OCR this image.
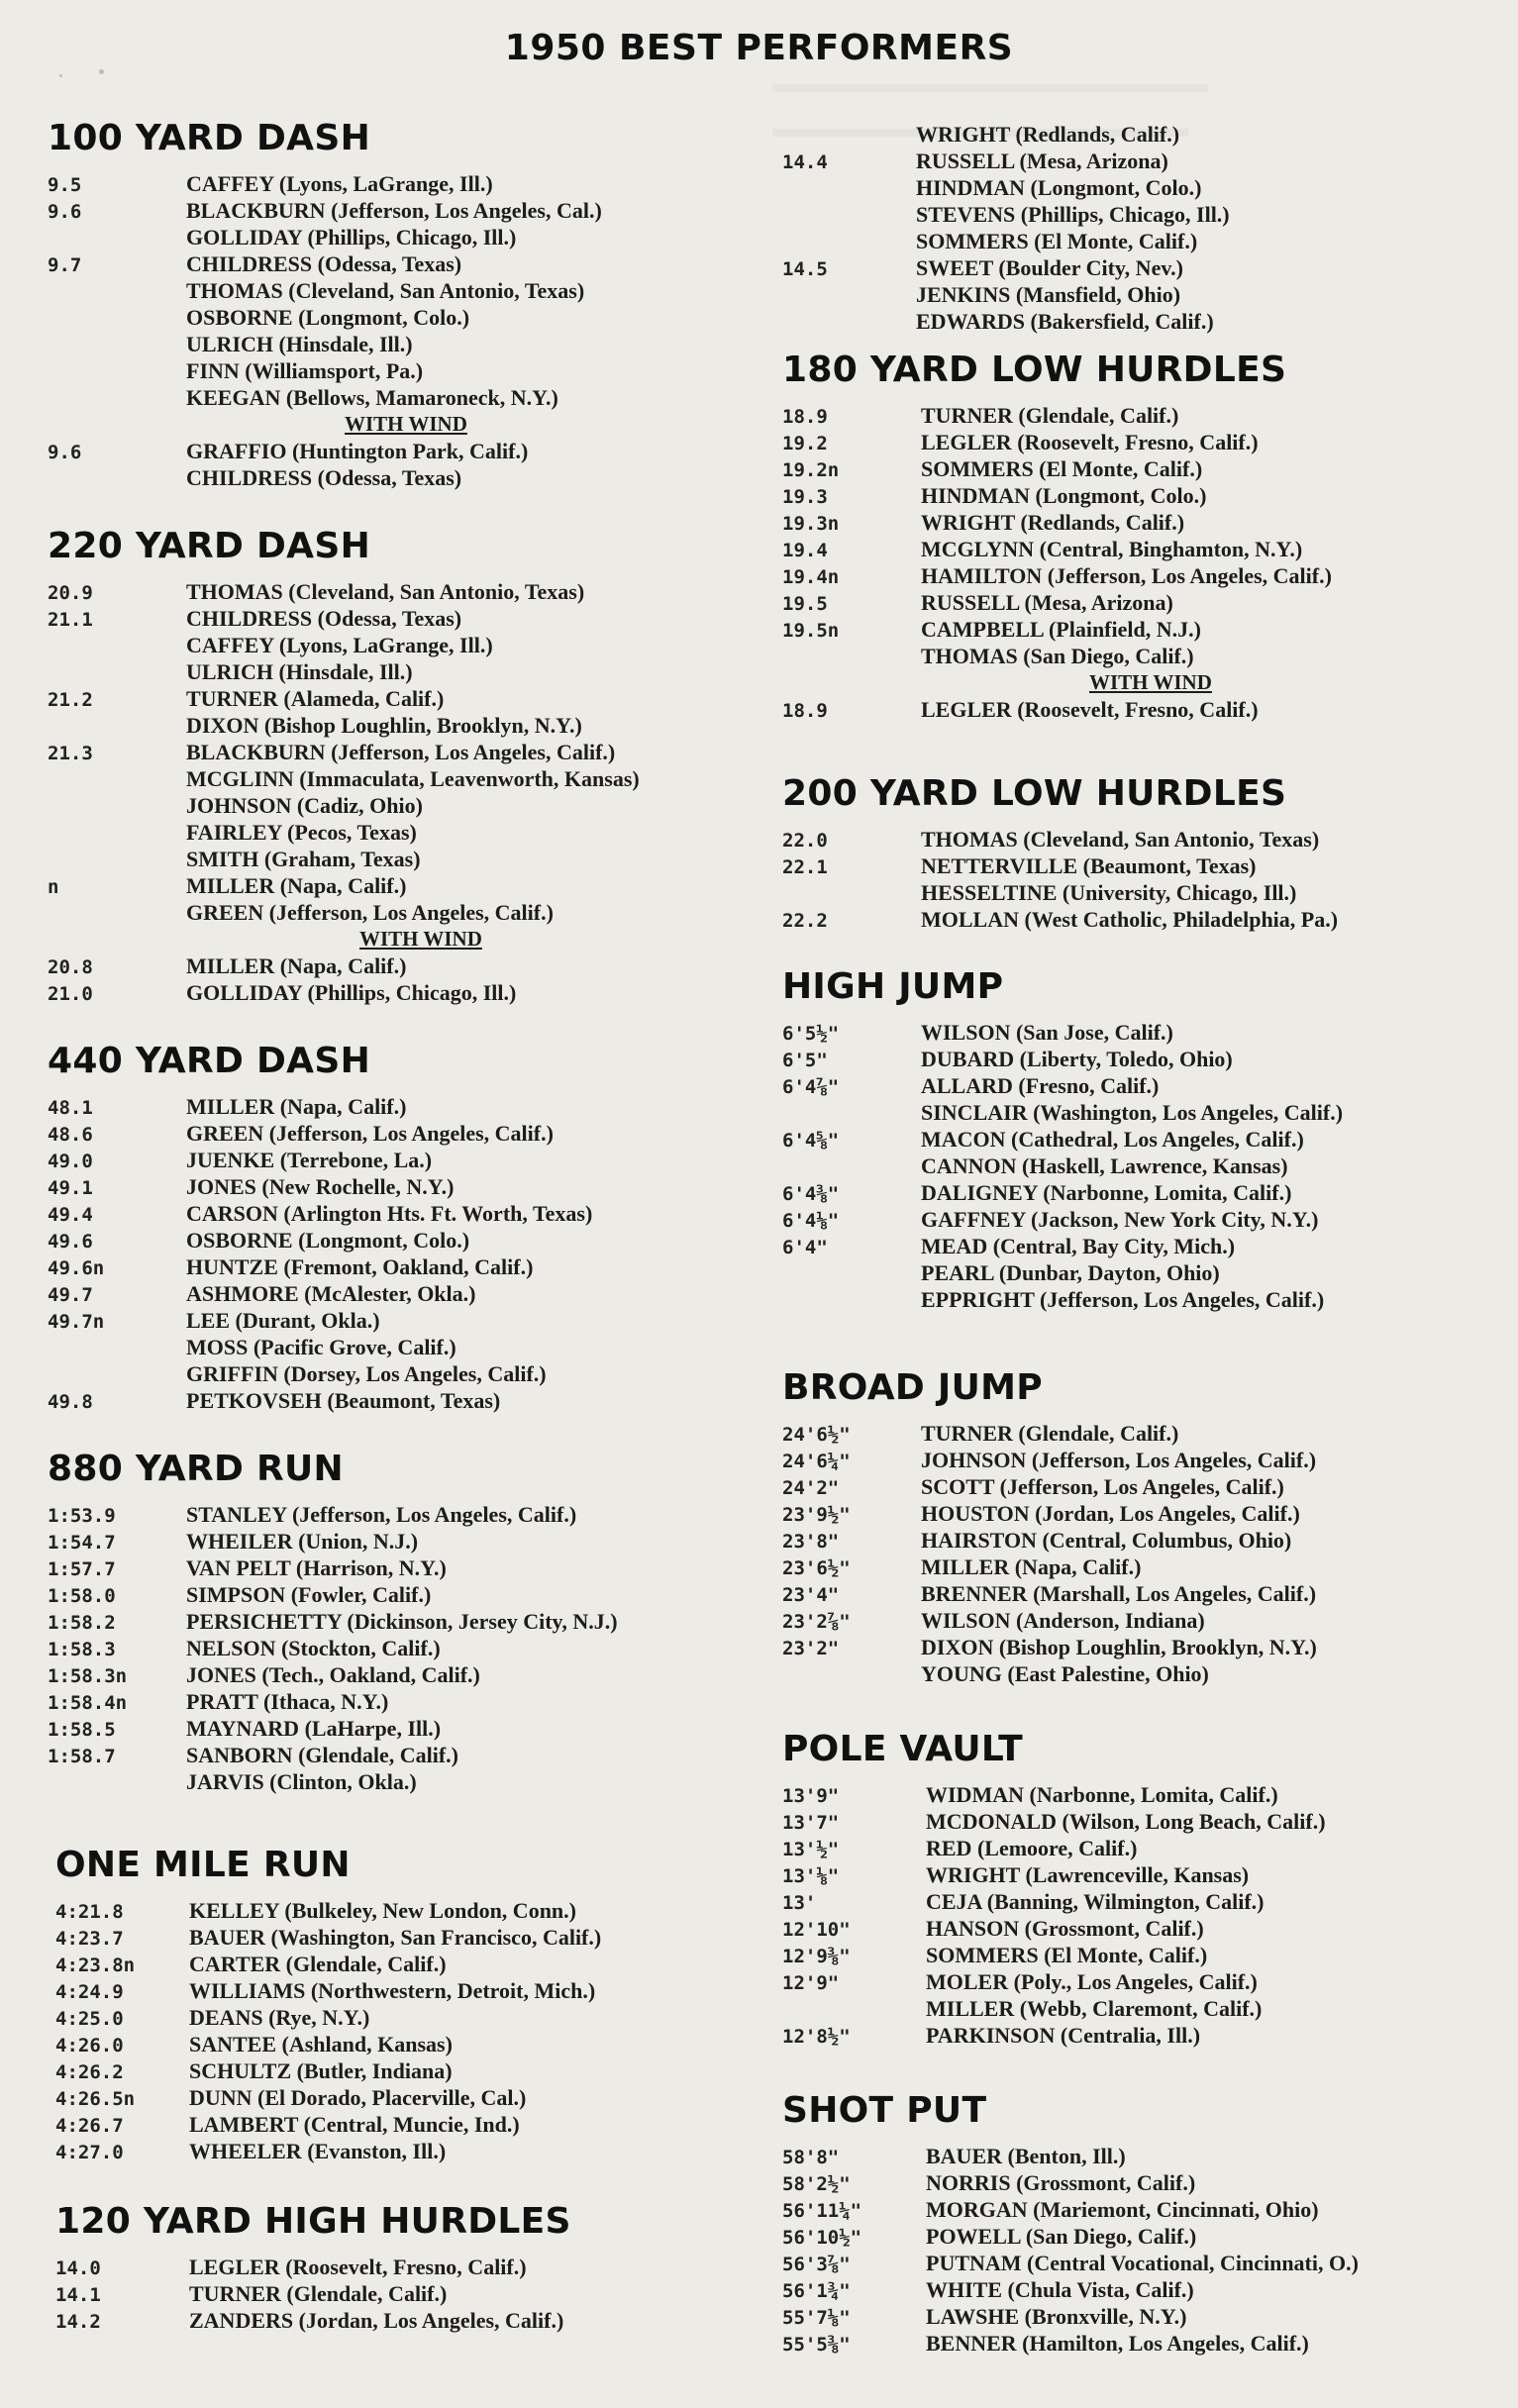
1950 BEST PERFORMERS
100 YARD DASH
9.5	CAFFEY (Lyons, LaGrange, Ill.)
9.6	BLACKBURN (Jefferson, Los Angeles, Cal.)
GOLLIDAY (Phillips, Chicago, Ill.)
9.7	CHILDRESS (Odessa, Texas)
THOMAS (Cleveland, San Antonio, Texas)
OSBORNE (Longmont, Colo.)
ULRICH (Hinsdale, Ill.)
FINN (Williamsport, Pa.)
KEEGAN (Bellows, Mamaroneck, N.Y.)
WITH WIND
9.6	GRAFFIO (Huntington Park, Calif.)
CHILDRESS (Odessa, Texas)
220 YARD DASH
20.9	THOMAS (Cleveland, San Antonio, Texas)
21.1	CHILDRESS (Odessa, Texas)
CAFFEY (Lyons, LaGrange, Ill.)
ULRICH (Hinsdale, Ill.)
21.2	TURNER (Alameda, Calif.)
DIXON (Bishop Loughlin, Brooklyn, N.Y.)
21.3	BLACKBURN (Jefferson, Los Angeles, Calif.)
MCGLINN (Immaculata, Leavenworth, Kansas)
JOHNSON (Cadiz, Ohio)
FAIRLEY (Pecos, Texas)
SMITH (Graham, Texas)
n	MILLER (Napa, Calif.)
GREEN (Jefferson, Los Angeles, Calif.)
WITH WIND
20.8	MILLER (Napa, Calif.)
21.0	GOLLIDAY (Phillips, Chicago, Ill.)
440 YARD DASH
48.1	MILLER (Napa, Calif.)
48.6	GREEN (Jefferson, Los Angeles, Calif.)
49.0	JUENKE (Terrebone, La.)
49.1	JONES (New Rochelle, N.Y.)
49.4	CARSON (Arlington Hts. Ft. Worth, Texas)
49.6	OSBORNE (Longmont, Colo.)
49.6n	HUNTZE (Fremont, Oakland, Calif.)
49.7	ASHMORE (McAlester, Okla.)
49.7n	LEE (Durant, Okla.)
MOSS (Pacific Grove, Calif.)
GRIFFIN (Dorsey, Los Angeles, Calif.)
49.8	PETKOVSEH (Beaumont, Texas)
880 YARD RUN
1:53.9	STANLEY (Jefferson, Los Angeles, Calif.)
1:54.7	WHEILER (Union, N.J.)
1:57.7	VAN PELT (Harrison, N.Y.)
1:58.0	SIMPSON (Fowler, Calif.)
1:58.2	PERSICHETTY (Dickinson, Jersey City, N.J.)
1:58.3	NELSON (Stockton, Calif.)
1:58.3n	JONES (Tech., Oakland, Calif.)
1:58.4n	PRATT (Ithaca, N.Y.)
1:58.5	MAYNARD (LaHarpe, Ill.)
1:58.7	SANBORN (Glendale, Calif.)
JARVIS (Clinton, Okla.)
ONE MILE RUN
4:21.8	KELLEY (Bulkeley, New London, Conn.)
4:23.7	BAUER (Washington, San Francisco, Calif.)
4:23.8n	CARTER (Glendale, Calif.)
4:24.9	WILLIAMS (Northwestern, Detroit, Mich.)
4:25.0	DEANS (Rye, N.Y.)
4:26.0	SANTEE (Ashland, Kansas)
4:26.2	SCHULTZ (Butler, Indiana)
4:26.5n	DUNN (El Dorado, Placerville, Cal.)
4:26.7	LAMBERT (Central, Muncie, Ind.)
4:27.0	WHEELER (Evanston, Ill.)
120 YARD HIGH HURDLES
14.0	LEGLER (Roosevelt, Fresno, Calif.)
14.1	TURNER (Glendale, Calif.)
14.2	ZANDERS (Jordan, Los Angeles, Calif.)
WRIGHT (Redlands, Calif.)
14.4	RUSSELL (Mesa, Arizona)
HINDMAN (Longmont, Colo.)
STEVENS (Phillips, Chicago, Ill.)
SOMMERS (El Monte, Calif.)
14.5	SWEET (Boulder City, Nev.)
JENKINS (Mansfield, Ohio)
EDWARDS (Bakersfield, Calif.)
180 YARD LOW HURDLES
18.9	TURNER (Glendale, Calif.)
19.2	LEGLER (Roosevelt, Fresno, Calif.)
19.2n	SOMMERS (El Monte, Calif.)
19.3	HINDMAN (Longmont, Colo.)
19.3n	WRIGHT (Redlands, Calif.)
19.4	MCGLYNN (Central, Binghamton, N.Y.)
19.4n	HAMILTON (Jefferson, Los Angeles, Calif.)
19.5	RUSSELL (Mesa, Arizona)
19.5n	CAMPBELL (Plainfield, N.J.)
THOMAS (San Diego, Calif.)
WITH WIND
18.9	LEGLER (Roosevelt, Fresno, Calif.)
200 YARD LOW HURDLES
22.0	THOMAS (Cleveland, San Antonio, Texas)
22.1	NETTERVILLE (Beaumont, Texas)
HESSELTINE (University, Chicago, Ill.)
22.2	MOLLAN (West Catholic, Philadelphia, Pa.)
HIGH JUMP
6'5½"	WILSON (San Jose, Calif.)
6'5"	DUBARD (Liberty, Toledo, Ohio)
6'4⅞"	ALLARD (Fresno, Calif.)
SINCLAIR (Washington, Los Angeles, Calif.)
6'4⅝"	MACON (Cathedral, Los Angeles, Calif.)
CANNON (Haskell, Lawrence, Kansas)
6'4⅜"	DALIGNEY (Narbonne, Lomita, Calif.)
6'4⅛"	GAFFNEY (Jackson, New York City, N.Y.)
6'4"	MEAD (Central, Bay City, Mich.)
PEARL (Dunbar, Dayton, Ohio)
EPPRIGHT (Jefferson, Los Angeles, Calif.)
BROAD JUMP
24'6½"	TURNER (Glendale, Calif.)
24'6¼"	JOHNSON (Jefferson, Los Angeles, Calif.)
24'2"	SCOTT (Jefferson, Los Angeles, Calif.)
23'9½"	HOUSTON (Jordan, Los Angeles, Calif.)
23'8"	HAIRSTON (Central, Columbus, Ohio)
23'6½"	MILLER (Napa, Calif.)
23'4"	BRENNER (Marshall, Los Angeles, Calif.)
23'2⅞"	WILSON (Anderson, Indiana)
23'2"	DIXON (Bishop Loughlin, Brooklyn, N.Y.)
YOUNG (East Palestine, Ohio)
POLE VAULT
13'9"	WIDMAN (Narbonne, Lomita, Calif.)
13'7"	MCDONALD (Wilson, Long Beach, Calif.)
13'½"	RED (Lemoore, Calif.)
13'⅛"	WRIGHT (Lawrenceville, Kansas)
13'	CEJA (Banning, Wilmington, Calif.)
12'10"	HANSON (Grossmont, Calif.)
12'9⅜"	SOMMERS (El Monte, Calif.)
12'9"	MOLER (Poly., Los Angeles, Calif.)
MILLER (Webb, Claremont, Calif.)
12'8½"	PARKINSON (Centralia, Ill.)
SHOT PUT
58'8"	BAUER (Benton, Ill.)
58'2½"	NORRIS (Grossmont, Calif.)
56'11¼"	MORGAN (Mariemont, Cincinnati, Ohio)
56'10½"	POWELL (San Diego, Calif.)
56'3⅞"	PUTNAM (Central Vocational, Cincinnati, O.)
56'1¾"	WHITE (Chula Vista, Calif.)
55'7⅛"	LAWSHE (Bronxville, N.Y.)
55'5⅜"	BENNER (Hamilton, Los Angeles, Calif.)
